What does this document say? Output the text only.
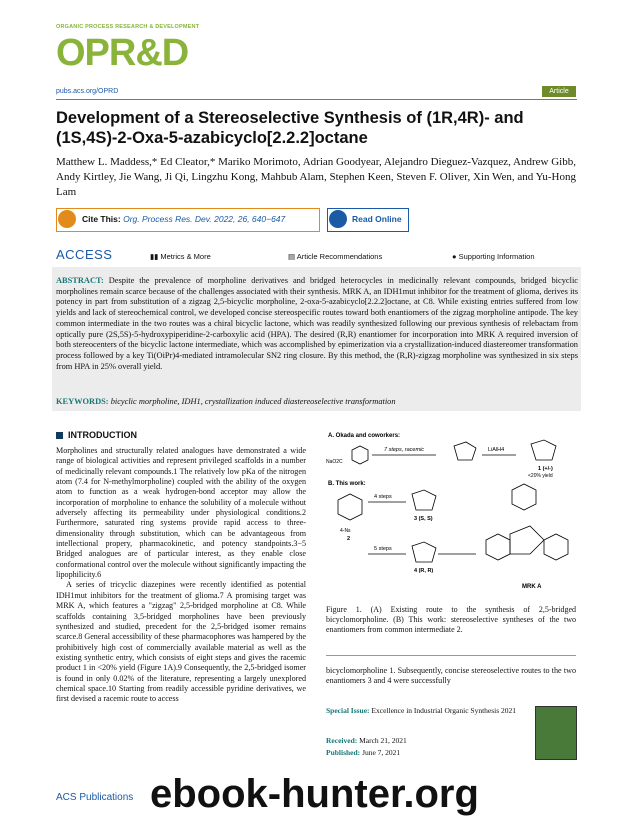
ORGANIC PROCESS RESEARCH & DEVELOPMENT
OPR&D
pubs.acs.org/OPRD	Article
Development of a Stereoselective Synthesis of (1R,4R)- and (1S,4S)-2-Oxa-5-azabicyclo[2.2.2]octane
Matthew L. Maddess,* Ed Cleator,* Mariko Morimoto, Adrian Goodyear, Alejandro Dieguez-Vazquez, Andrew Gibb, Andy Kirtley, Jie Wang, Ji Qi, Lingzhu Kong, Mahbub Alam, Stephen Keen, Steven F. Oliver, Xin Wen, and Yu-Hong Lam
Cite This: Org. Process Res. Dev. 2022, 26, 640−647	Read Online
ACCESS	▮▮ Metrics & More	▤ Article Recommendations	● Supporting Information
ABSTRACT: Despite the prevalence of morpholine derivatives and bridged heterocycles in medicinally relevant compounds, bridged bicyclic morpholines remain scarce because of the challenges associated with their synthesis. MRK A, an IDH1mut inhibitor for the treatment of glioma, derives its potency in part from substitution of a zigzag 2,5-bicyclic morpholine, 2-oxa-5-azabicyclo[2.2.2]octane, at C8. While existing entries suffered from low yields and lack of stereochemical control, we developed concise stereospecific routes toward both enantiomers of the zigzag morpholine antipode. The key common intermediate in the two routes was a chiral bicyclic lactone, which was readily synthesized following our previous synthesis of relebactam from optically pure (2S,5S)-5-hydroxypiperidine-2-carboxylic acid (HPA). The desired (R,R) enantiomer for incorporation into MRK A required inversion of both stereocenters of the bicyclic lactone intermediate, which was accomplished by epimerization via a crystallization-induced diastereomer transformation process followed by a key Ti(OiPr)4-mediated intramolecular SN2 ring closure. By this method, the (R,R)-zigzag morpholine was synthesized in six steps from HPA in 25% overall yield.
KEYWORDS: bicyclic morpholine, IDH1, crystallization induced diastereoselective transformation
INTRODUCTION
Morpholines and structurally related analogues have demonstrated a wide range of biological activities and represent privileged scaffolds in a number of medicinally relevant compounds.1 The relatively low pKa of the nitrogen atom (7.4 for N-methylmorpholine) coupled with the ability of the oxygen atom to function as a weak hydrogen-bond acceptor may allow the incorporation of morpholine to enhance the solubility of a molecule without adversely affecting its permeability under physiological conditions.2 Furthermore, saturated ring systems provide rapid access to three-dimensionality through substitution, which can be advantageous from intellectional propery, pharmacokinetic, and potency standpoints.3−5 Bridged analogues are of particular interest, as they enable close conformational control over the molecule without significantly impacting the lipophilicity.6
A series of tricyclic diazepines were recently identified as potential IDH1mut inhibitors for the treatment of glioma.7 A promising target was MRK A, which features a "zigzag" 2,5-bridged morpholine at C8. While scaffolds containing 3,5-bridged morpholines have been previously synthesized and studied, precedent for the 2,5-bridged isomer remains scarce.8 General accessibility of these pharmacophores was hampered by the prohibitively high cost of commercially available material as well as the existing synthetic entry, which consists of eight steps and gives the racemic product 1 in <20% yield (Figure 1A).9 Consequently, the 2,5-bridged isomer is found in only 0.02% of the literature, representing a largely unexplored chemical space.10 Starting from readily accessible pyridine derivatives, we first devised a racemic route to access
A. Okada and coworkers:
NaO2C
7 steps, racemic	LiAlH4
1 (+/-)
<20% yield
B. This work:
4-Ns
2
4 steps
3 (S, S)
5 steps
4 (R, R)
MRK A
Figure 1. (A) Existing route to the synthesis of 2,5-bridged bicyclomorpholine. (B) This work: stereoselective syntheses of the two enantiomers from common intermediate 2.
bicyclomorpholine 1. Subsequently, concise stereoselective routes to the two enantiomers 3 and 4 were successfully
Special Issue: Excellence in Industrial Organic Synthesis 2021
Received: March 21, 2021
Published: June 7, 2021
ACS Publications ebook-hunter.org
